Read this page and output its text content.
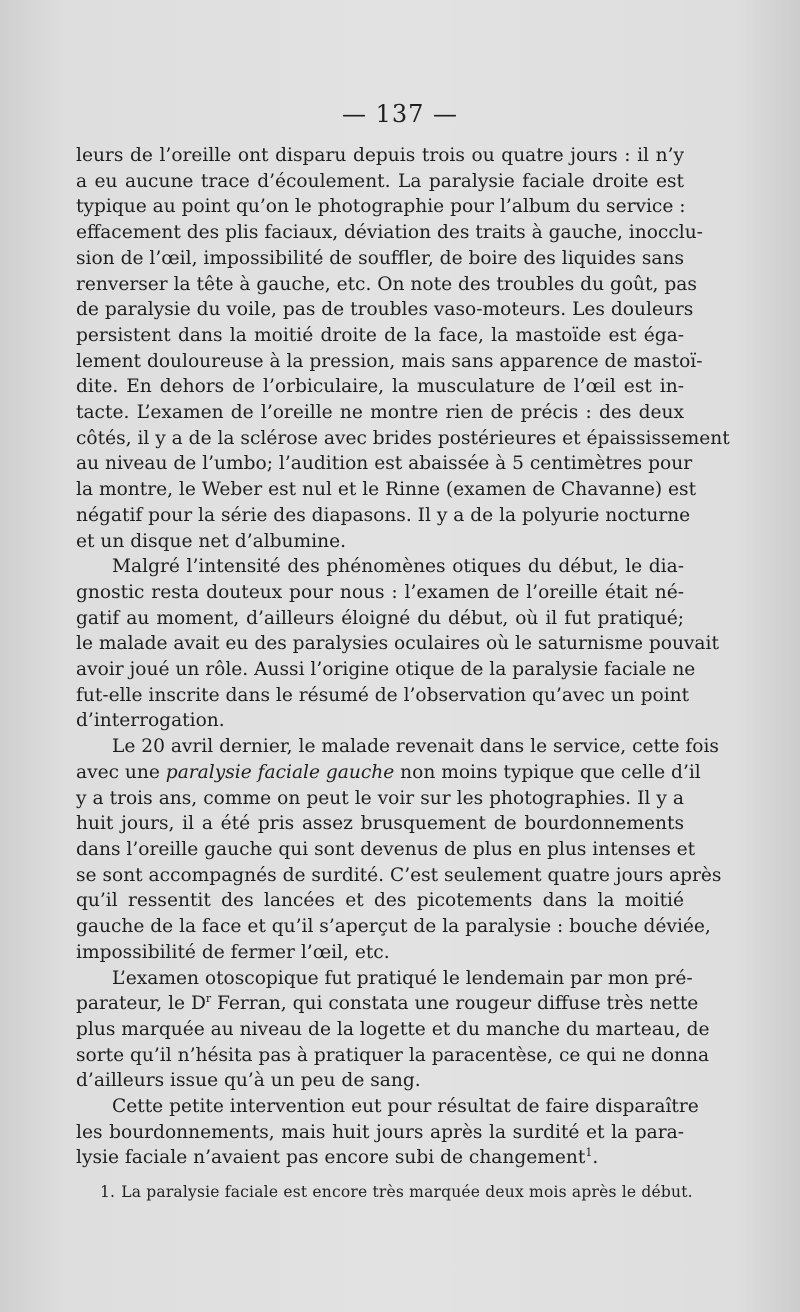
— 137 —
leurs de l’oreille ont disparu depuis trois ou quatre jours : il n’y
a eu aucune trace d’écoulement. La paralysie faciale droite est
typique au point qu’on le photographie pour l’album du service :
effacement des plis faciaux, déviation des traits à gauche, inocclu-
sion de l’œil, impossibilité de souffler, de boire des liquides sans
renverser la tête à gauche, etc. On note des troubles du goût, pas
de paralysie du voile, pas de troubles vaso-moteurs. Les douleurs
persistent dans la moitié droite de la face, la mastoïde est éga-
lement douloureuse à la pression, mais sans apparence de mastoï-
dite. En dehors de l’orbiculaire, la musculature de l’œil est in-
tacte. L’examen de l’oreille ne montre rien de précis : des deux
côtés, il y a de la sclérose avec brides postérieures et épaississement
au niveau de l’umbo; l’audition est abaissée à 5 centimètres pour
la montre, le Weber est nul et le Rinne (examen de Chavanne) est
négatif pour la série des diapasons. Il y a de la polyurie nocturne
et un disque net d’albumine.
Malgré l’intensité des phénomènes otiques du début, le dia-
gnostic resta douteux pour nous : l’examen de l’oreille était né-
gatif au moment, d’ailleurs éloigné du début, où il fut pratiqué;
le malade avait eu des paralysies oculaires où le saturnisme pouvait
avoir joué un rôle. Aussi l’origine otique de la paralysie faciale ne
fut-elle inscrite dans le résumé de l’observation qu’avec un point
d’interrogation.
Le 20 avril dernier, le malade revenait dans le service, cette fois
avec une paralysie faciale gauche non moins typique que celle d’il
y a trois ans, comme on peut le voir sur les photographies. Il y a
huit jours, il a été pris assez brusquement de bourdonnements
dans l’oreille gauche qui sont devenus de plus en plus intenses et
se sont accompagnés de surdité. C’est seulement quatre jours après
qu’il ressentit des lancées et des picotements dans la moitié
gauche de la face et qu’il s’aperçut de la paralysie : bouche déviée,
impossibilité de fermer l’œil, etc.
L’examen otoscopique fut pratiqué le lendemain par mon pré-
parateur, le $D^r$ Ferran, qui constata une rougeur diffuse très nette
plus marquée au niveau de la logette et du manche du marteau, de
sorte qu’il n’hésita pas à pratiquer la paracentèse, ce qui ne donna
d’ailleurs issue qu’à un peu de sang.
Cette petite intervention eut pour résultat de faire disparaître
les bourdonnements, mais huit jours après la surdité et la para-
lysie faciale n’avaient pas encore subi de changement$^1$.
1. La paralysie faciale est encore très marquée deux mois après le début.
